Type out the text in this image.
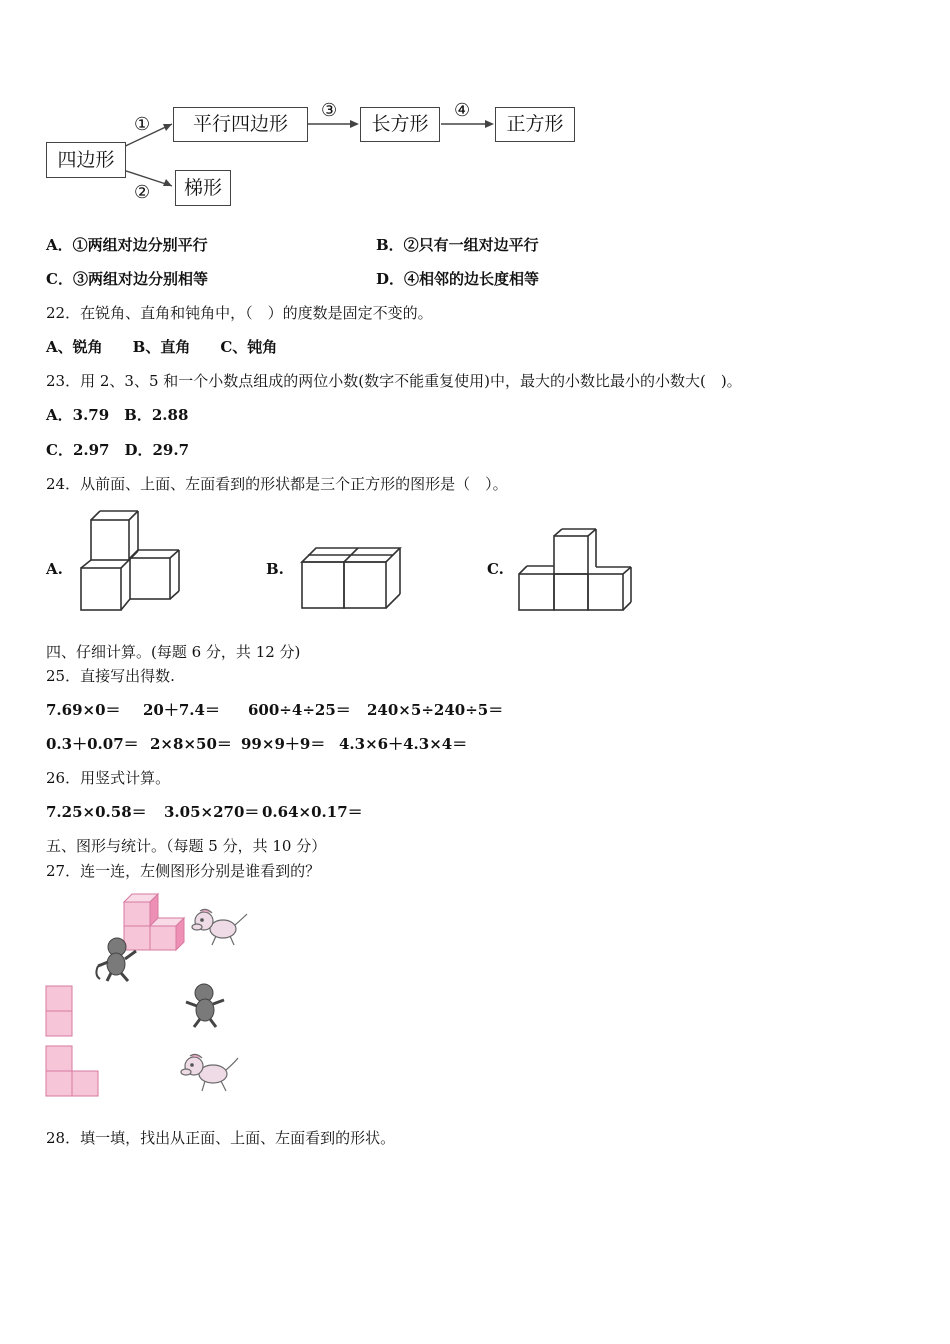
四边形
平行四边形
梯形
长方形	正方形
①
②
③	④
A．①两组对边分别平行	B．②只有一组对边平行
C．③两组对边分别相等	D．④相邻的边长度相等
22．在锐角、直角和钝角中，（　）的度数是固定不变的。
A、锐角　　B、直角　　C、钝角
23．用 2、3、5 和一个小数点组成的两位小数(数字不能重复使用)中，最大的小数比最小的小数大(　)。
A．3.79　B．2.88
C．2.97　D．29.7
24．从前面、上面、左面看到的形状都是三个正方形的图形是（　）。
A.	B.	C.
四、仔细计算。(每题 6 分，共 12 分)
25．直接写出得数.
7.69×0＝ 20＋7.4＝ 600÷4÷25＝ 240×5÷240÷5＝
0.3＋0.07＝ 2×8×50＝ 99×9＋9＝ 4.3×6＋4.3×4＝
26．用竖式计算。
7.25×0.58＝ 3.05×270＝ 0.64×0.17＝
五、图形与统计。（每题 5 分，共 10 分）
27．连一连，左侧图形分别是谁看到的？
28．填一填，找出从正面、上面、左面看到的形状。
